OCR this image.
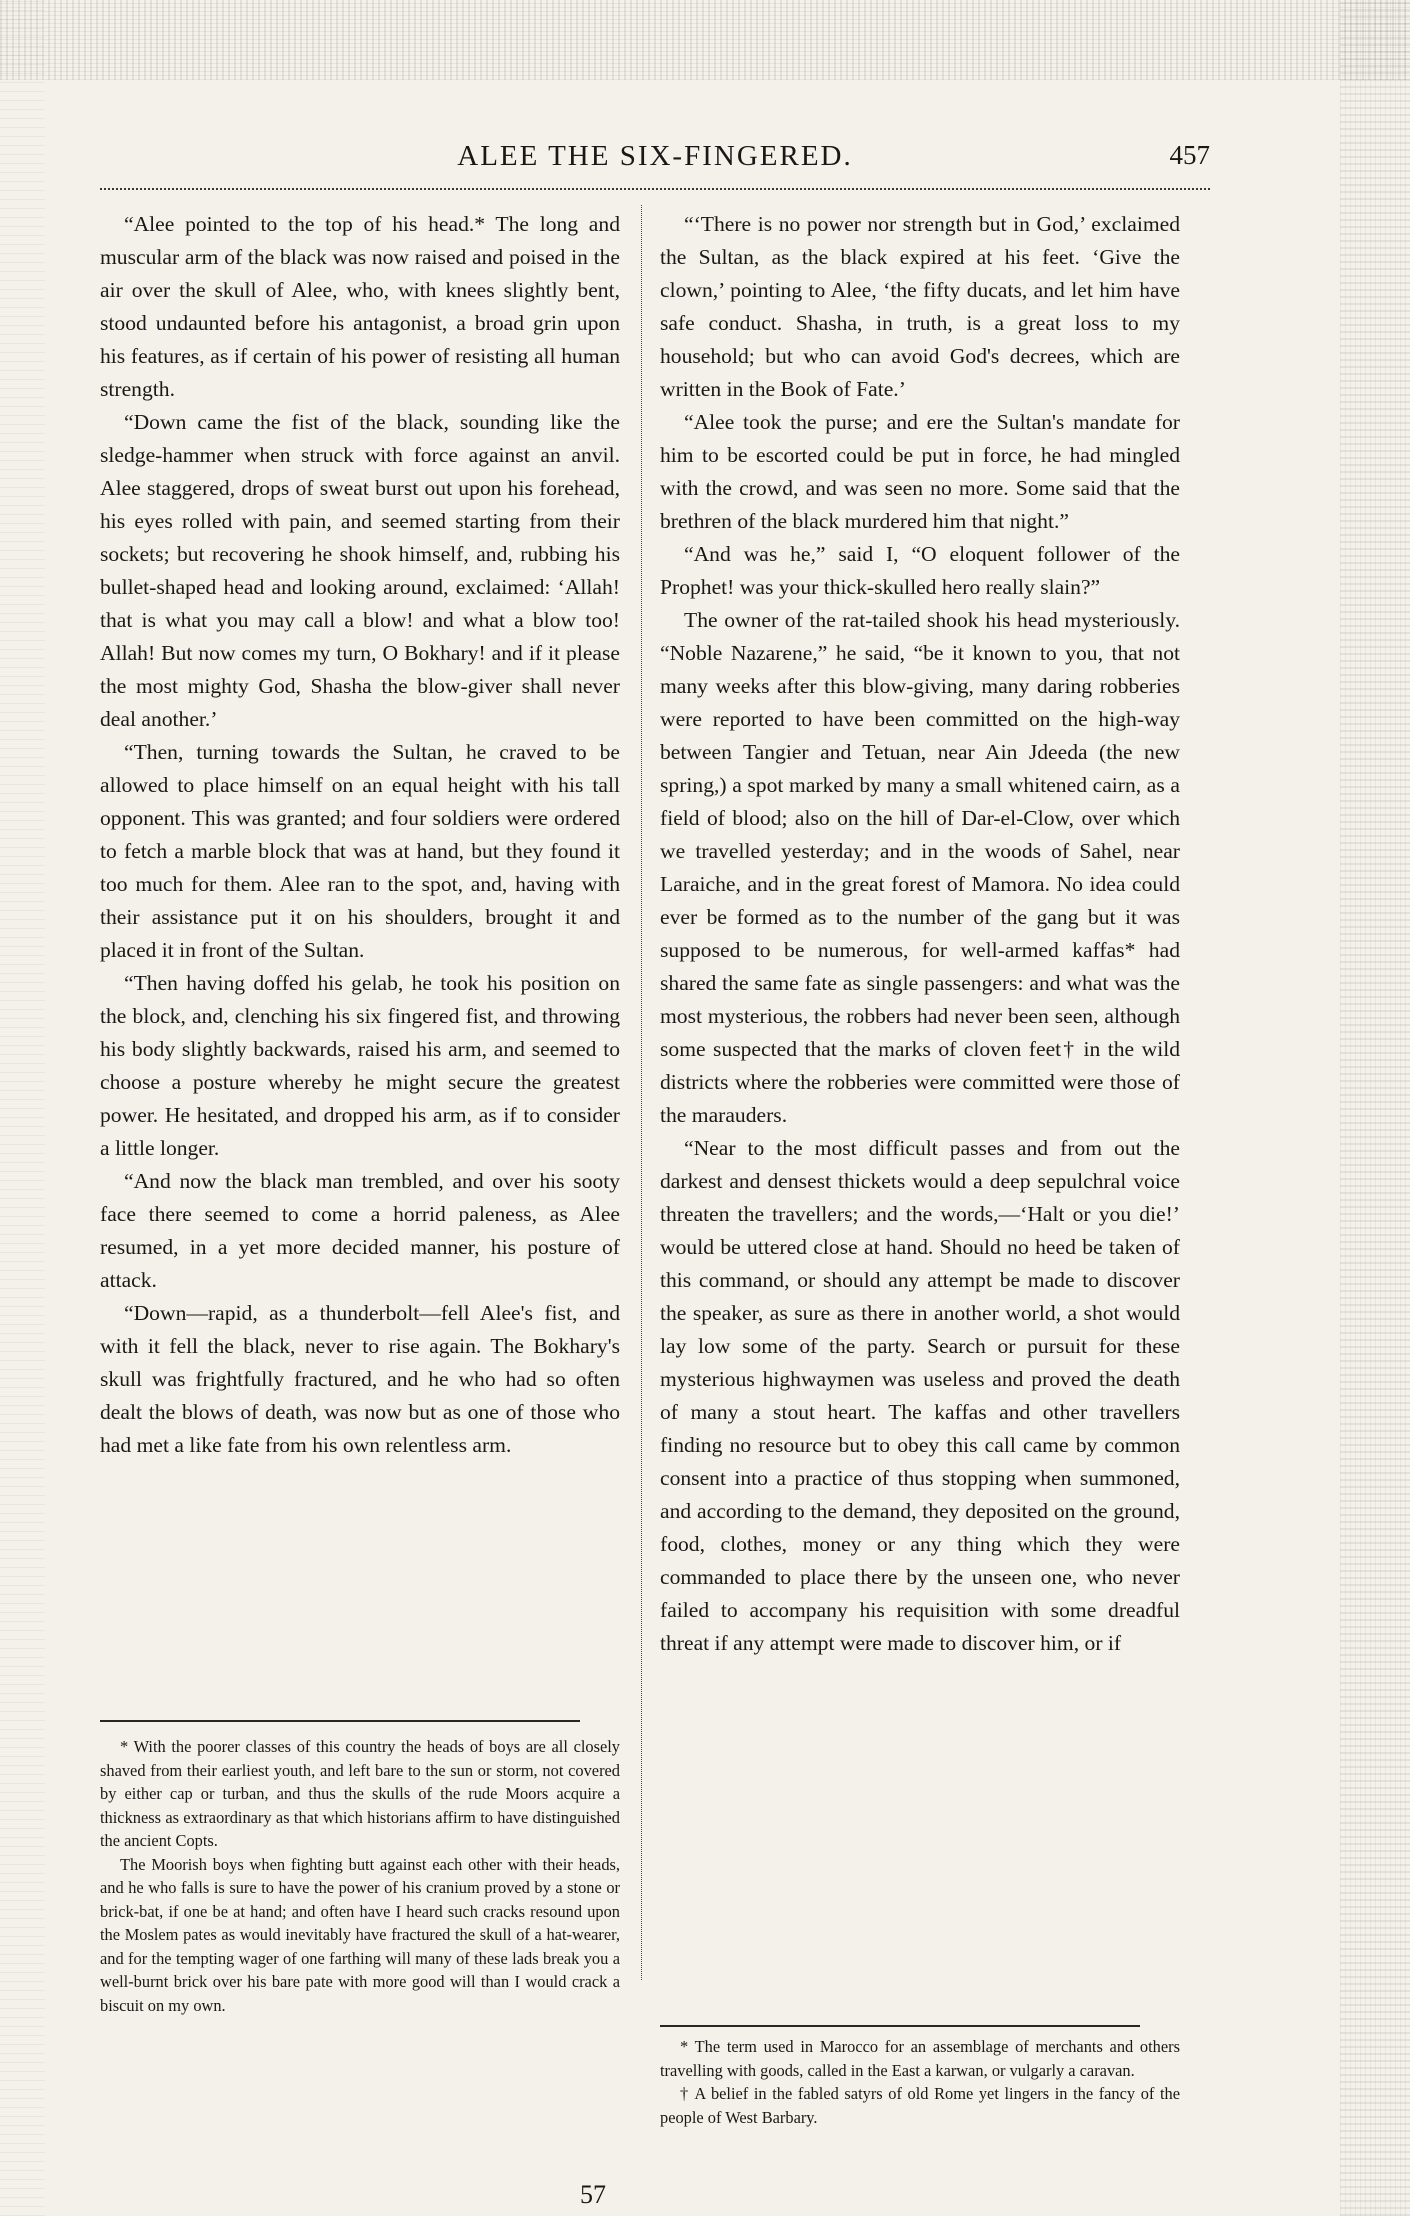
ALEE THE SIX-FINGERED.	457

“Alee pointed to the top of his head.* The long and muscular arm of the black was now raised and poised in the air over the skull of Alee, who, with knees slightly bent, stood undaunted before his antagonist, a broad grin upon his features, as if certain of his power of resisting all human strength.

“Down came the fist of the black, sounding like the sledge-hammer when struck with force against an anvil. Alee staggered, drops of sweat burst out upon his forehead, his eyes rolled with pain, and seemed starting from their sockets; but recovering he shook himself, and, rubbing his bullet-shaped head and looking around, exclaimed: ‘Allah! that is what you may call a blow! and what a blow too! Allah! But now comes my turn, O Bokhary! and if it please the most mighty God, Shasha the blow-giver shall never deal another.’

“Then, turning towards the Sultan, he craved to be allowed to place himself on an equal height with his tall opponent. This was granted; and four soldiers were ordered to fetch a marble block that was at hand, but they found it too much for them. Alee ran to the spot, and, having with their assistance put it on his shoulders, brought it and placed it in front of the Sultan.

“Then having doffed his gelab, he took his position on the block, and, clenching his six fingered fist, and throwing his body slightly backwards, raised his arm, and seemed to choose a posture whereby he might secure the greatest power. He hesitated, and dropped his arm, as if to consider a little longer.

“And now the black man trembled, and over his sooty face there seemed to come a horrid paleness, as Alee resumed, in a yet more decided manner, his posture of attack.

“Down—rapid, as a thunderbolt—fell Alee's fist, and with it fell the black, never to rise again. The Bokhary's skull was frightfully fractured, and he who had so often dealt the blows of death, was now but as one of those who had met a like fate from his own relentless arm.

* With the poorer classes of this country the heads of boys are all closely shaved from their earliest youth, and left bare to the sun or storm, not covered by either cap or turban, and thus the skulls of the rude Moors acquire a thickness as extraordinary as that which historians affirm to have distinguished the ancient Copts.

The Moorish boys when fighting butt against each other with their heads, and he who falls is sure to have the power of his cranium proved by a stone or brick-bat, if one be at hand; and often have I heard such cracks resound upon the Moslem pates as would inevitably have fractured the skull of a hat-wearer, and for the tempting wager of one farthing will many of these lads break you a well-burnt brick over his bare pate with more good will than I would crack a biscuit on my own.

“‘There is no power nor strength but in God,’ exclaimed the Sultan, as the black expired at his feet. ‘Give the clown,’ pointing to Alee, ‘the fifty ducats, and let him have safe conduct. Shasha, in truth, is a great loss to my household; but who can avoid God's decrees, which are written in the Book of Fate.’

“Alee took the purse; and ere the Sultan's mandate for him to be escorted could be put in force, he had mingled with the crowd, and was seen no more. Some said that the brethren of the black murdered him that night.”

“And was he,” said I, “O eloquent follower of the Prophet! was your thick-skulled hero really slain?”

The owner of the rat-tailed shook his head mysteriously. “Noble Nazarene,” he said, “be it known to you, that not many weeks after this blow-giving, many daring robberies were reported to have been committed on the high-way between Tangier and Tetuan, near Ain Jdeeda (the new spring,) a spot marked by many a small whitened cairn, as a field of blood; also on the hill of Dar-el-Clow, over which we travelled yesterday; and in the woods of Sahel, near Laraiche, and in the great forest of Mamora. No idea could ever be formed as to the number of the gang but it was supposed to be numerous, for well-armed kaffas* had shared the same fate as single passengers: and what was the most mysterious, the robbers had never been seen, although some suspected that the marks of cloven feet† in the wild districts where the robberies were committed were those of the marauders.

“Near to the most difficult passes and from out the darkest and densest thickets would a deep sepulchral voice threaten the travellers; and the words,—‘Halt or you die!’ would be uttered close at hand. Should no heed be taken of this command, or should any attempt be made to discover the speaker, as sure as there in another world, a shot would lay low some of the party. Search or pursuit for these mysterious highwaymen was useless and proved the death of many a stout heart. The kaffas and other travellers finding no resource but to obey this call came by common consent into a practice of thus stopping when summoned, and according to the demand, they deposited on the ground, food, clothes, money or any thing which they were commanded to place there by the unseen one, who never failed to accompany his requisition with some dreadful threat if any attempt were made to discover him, or if

* The term used in Marocco for an assemblage of merchants and others travelling with goods, called in the East a karwan, or vulgarly a caravan.

† A belief in the fabled satyrs of old Rome yet lingers in the fancy of the people of West Barbary.

57
